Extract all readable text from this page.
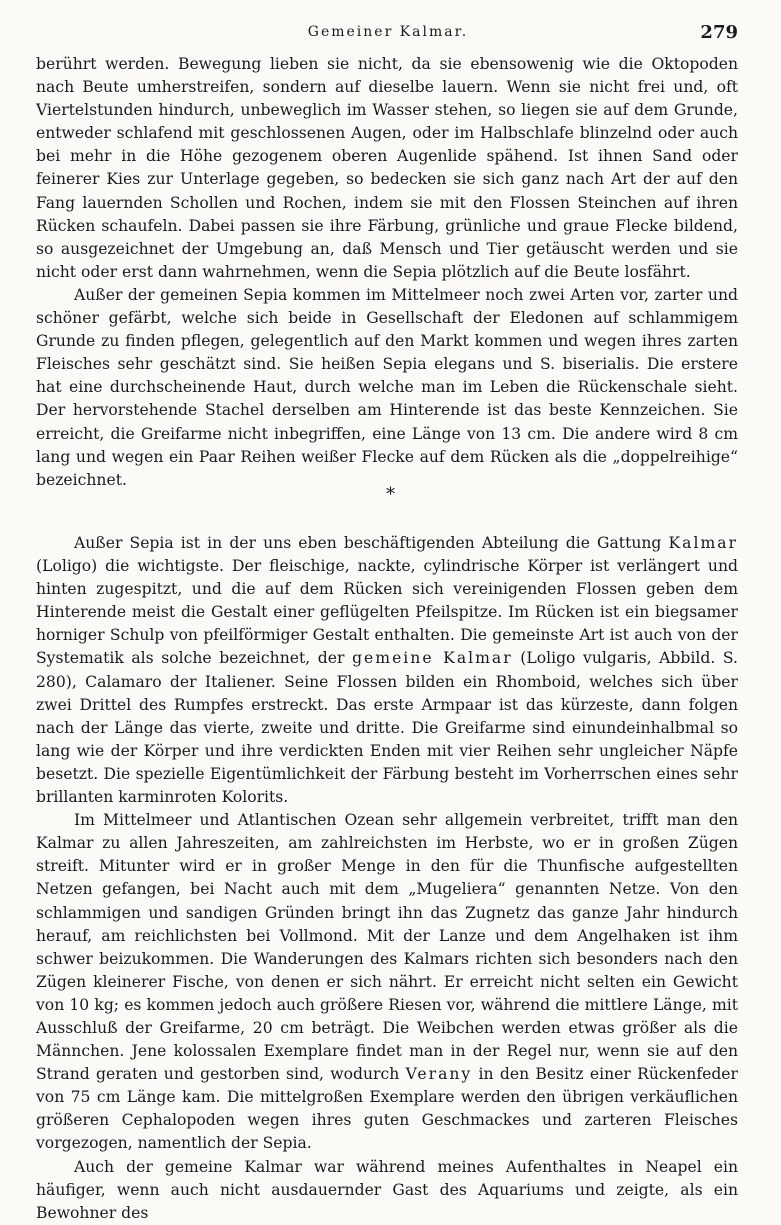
Gemeiner Kalmar.	279

berührt werden. Bewegung lieben sie nicht, da sie ebensowenig wie die Oktopoden nach Beute umherstreifen, sondern auf dieselbe lauern. Wenn sie nicht frei und, oft Viertelstunden hindurch, unbeweglich im Wasser stehen, so liegen sie auf dem Grunde, entweder schlafend mit geschlossenen Augen, oder im Halbschlafe blinzelnd oder auch bei mehr in die Höhe gezogenem oberen Augenlide spähend. Ist ihnen Sand oder feinerer Kies zur Unterlage gegeben, so bedecken sie sich ganz nach Art der auf den Fang lauernden Schollen und Rochen, indem sie mit den Flossen Steinchen auf ihren Rücken schaufeln. Dabei passen sie ihre Färbung, grünliche und graue Flecke bildend, so ausgezeichnet der Umgebung an, daß Mensch und Tier getäuscht werden und sie nicht oder erst dann wahrnehmen, wenn die Sepia plötzlich auf die Beute losfährt.

Außer der gemeinen Sepia kommen im Mittelmeer noch zwei Arten vor, zarter und schöner gefärbt, welche sich beide in Gesellschaft der Eledonen auf schlammigem Grunde zu finden pflegen, gelegentlich auf den Markt kommen und wegen ihres zarten Fleisches sehr geschätzt sind. Sie heißen Sepia elegans und S. biserialis. Die erstere hat eine durchscheinende Haut, durch welche man im Leben die Rückenschale sieht. Der hervorstehende Stachel derselben am Hinterende ist das beste Kennzeichen. Sie erreicht, die Greifarme nicht inbegriffen, eine Länge von 13 cm. Die andere wird 8 cm lang und wegen ein Paar Reihen weißer Flecke auf dem Rücken als die „doppelreihige“ bezeichnet.

*

Außer Sepia ist in der uns eben beschäftigenden Abteilung die Gattung Kalmar (Loligo) die wichtigste. Der fleischige, nackte, cylindrische Körper ist verlängert und hinten zugespitzt, und die auf dem Rücken sich vereinigenden Flossen geben dem Hinterende meist die Gestalt einer geflügelten Pfeilspitze. Im Rücken ist ein biegsamer horniger Schulp von pfeilförmiger Gestalt enthalten. Die gemeinste Art ist auch von der Systematik als solche bezeichnet, der gemeine Kalmar (Loligo vulgaris, Abbild. S. 280), Calamaro der Italiener. Seine Flossen bilden ein Rhomboid, welches sich über zwei Drittel des Rumpfes erstreckt. Das erste Armpaar ist das kürzeste, dann folgen nach der Länge das vierte, zweite und dritte. Die Greifarme sind einundeinhalbmal so lang wie der Körper und ihre verdickten Enden mit vier Reihen sehr ungleicher Näpfe besetzt. Die spezielle Eigentümlichkeit der Färbung besteht im Vorherrschen eines sehr brillanten karminroten Kolorits.

Im Mittelmeer und Atlantischen Ozean sehr allgemein verbreitet, trifft man den Kalmar zu allen Jahreszeiten, am zahlreichsten im Herbste, wo er in großen Zügen streift. Mitunter wird er in großer Menge in den für die Thunfische aufgestellten Netzen gefangen, bei Nacht auch mit dem „Mugeliera“ genannten Netze. Von den schlammigen und sandigen Gründen bringt ihn das Zugnetz das ganze Jahr hindurch herauf, am reichlichsten bei Vollmond. Mit der Lanze und dem Angelhaken ist ihm schwer beizukommen. Die Wanderungen des Kalmars richten sich besonders nach den Zügen kleinerer Fische, von denen er sich nährt. Er erreicht nicht selten ein Gewicht von 10 kg; es kommen jedoch auch größere Riesen vor, während die mittlere Länge, mit Ausschluß der Greifarme, 20 cm beträgt. Die Weibchen werden etwas größer als die Männchen. Jene kolossalen Exemplare findet man in der Regel nur, wenn sie auf den Strand geraten und gestorben sind, wodurch Verany in den Besitz einer Rückenfeder von 75 cm Länge kam. Die mittelgroßen Exemplare werden den übrigen verkäuflichen größeren Cephalopoden wegen ihres guten Geschmackes und zarteren Fleisches vorgezogen, namentlich der Sepia.

Auch der gemeine Kalmar war während meines Aufenthaltes in Neapel ein häufiger, wenn auch nicht ausdauernder Gast des Aquariums und zeigte, als ein Bewohner des
